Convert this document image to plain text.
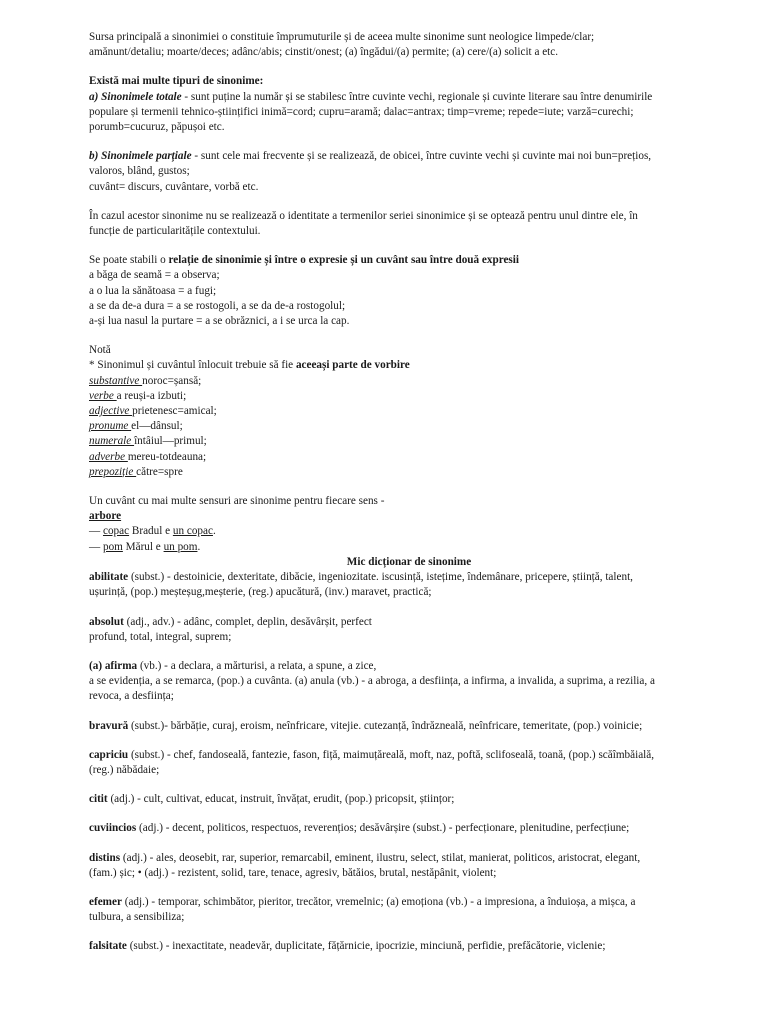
Sursa principală a sinonimiei o constituie împrumuturile și de aceea multe sinonime sunt neologice limpede/clar;

amănunt/detaliu; moarte/deces; adânc/abis; cinstit/onest; (a) îngădui/(a) permite; (a) cere/(a) solicit a etc.

Există mai multe tipuri de sinonime:

a) Sinonimele totale - sunt puține la număr și se stabilesc între cuvinte vechi, regionale și cuvinte literare sau între denumirile

populare și termenii tehnico-științifici inimă=cord; cupru=aramă; dalac=antrax; timp=vreme; repede=iute; varză=curechi;

porumb=cucuruz, păpușoi etc.

b) Sinonimele parțiale - sunt cele mai frecvente și se realizează, de obicei, între cuvinte vechi și cuvinte mai noi bun=prețios,

valoros, blând, gustos;

cuvânt= discurs, cuvântare, vorbă etc.

În cazul acestor sinonime nu se realizează o identitate a termenilor seriei sinonimice și se optează pentru unul dintre ele, în

funcție de particularitățile contextului.

Se poate stabili o relație de sinonimie și între o expresie și un cuvânt sau între două expresii

a băga de seamă = a observa;

a o lua la sănătoasa = a fugi;

a se da de-a dura = a se rostogoli, a se da de-a rostogolul;

a-și lua nasul la purtare = a se obrăznici, a i se urca la cap.

Notă

* Sinonimul și cuvântul înlocuit trebuie să fie aceeași parte de vorbire

substantive noroc=șansă;

verbe a reuși-a izbuti;

adjective prietenesc=amical;

pronume el—dânsul;

numerale întâiul—primul;

adverbe mereu-totdeauna;

prepoziție către=spre

Un cuvânt cu mai multe sensuri are sinonime pentru fiecare sens -

arbore

— copac Bradul e un copac.

— pom Mărul e un pom.

Mic dicționar de sinonime

abilitate (subst.) - destoinicie, dexteritate, dibăcie, ingeniozitate. iscusință, istețime, îndemânare, pricepere, știință, talent,

ușurință, (pop.) meșteșug,meșterie, (reg.) apucătură, (inv.) maravet, practică;

absolut (adj., adv.) - adânc, complet, deplin, desăvârșit, perfect

profund, total, integral, suprem;

(a) afirma (vb.) - a declara, a mărturisi, a relata, a spune, a zice,

a se evidenția, a se remarca, (pop.) a cuvânta. (a) anula (vb.) - a abroga, a desființa, a infirma, a invalida, a suprima, a rezilia, a

revoca, a desființa;

bravură (subst.)- bărbăție, curaj, eroism, neînfricare, vitejie. cutezanță, îndrăzneală, neînfricare, temeritate, (pop.) voinicie;

capriciu (subst.) - chef, fandoseală, fantezie, fason, fiță, maimuțăreală, moft, naz, poftă, sclifoseală, toană, (pop.) scăîmbăială,

(reg.) năbădaie;

citit (adj.) - cult, cultivat, educat, instruit, învățat, erudit, (pop.) pricopsit, științor;

cuviincios (adj.) - decent, politicos, respectuos, reverențios; desăvârșire (subst.) - perfecționare, plenitudine, perfecțiune;

distins (adj.) - ales, deosebit, rar, superior, remarcabil, eminent, ilustru, select, stilat, manierat, politicos, aristocrat, elegant,

(fam.) șic; • (adj.) - rezistent, solid, tare, tenace, agresiv, bătăios, brutal, nestăpânit, violent;

efemer (adj.) - temporar, schimbător, pieritor, trecător, vremelnic; (a) emoționa (vb.) - a impresiona, a înduioșa, a mișca, a

tulbura, a sensibiliza;

falsitate (subst.) - inexactitate, neadevăr, duplicitate, fățărnicie, ipocrizie, minciună, perfidie, prefăcătorie, viclenie;
